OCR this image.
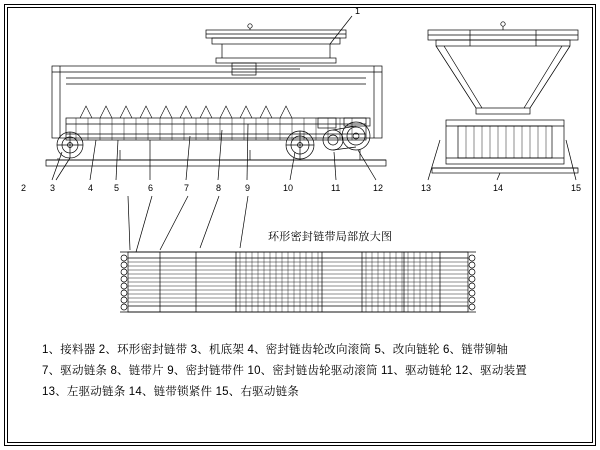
1
2	3	4 5	6	7	8	9	10	11	12	13	14	15
环形密封链带局部放大图
1、接料器 2、环形密封链带 3、机底架 4、密封链齿轮改向滚筒 5、改向链轮 6、链带铆轴
7、驱动链条 8、链带片 9、密封链带件 10、密封链齿轮驱动滚筒 11、驱动链轮 12、驱动装置
13、左驱动链条 14、链带锁紧件 15、右驱动链条
